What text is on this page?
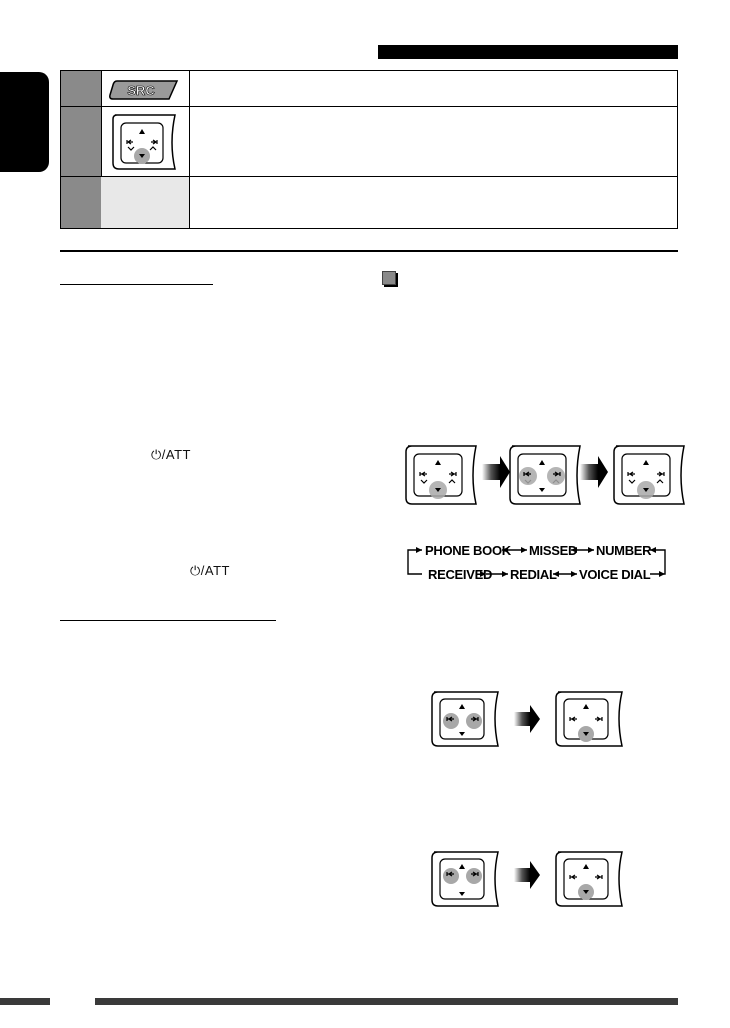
SRC
⏻/ATT
⏻/ATT
PHONE BOOK MISSED NUMBER
RECEIVED REDIAL VOICE DIAL
